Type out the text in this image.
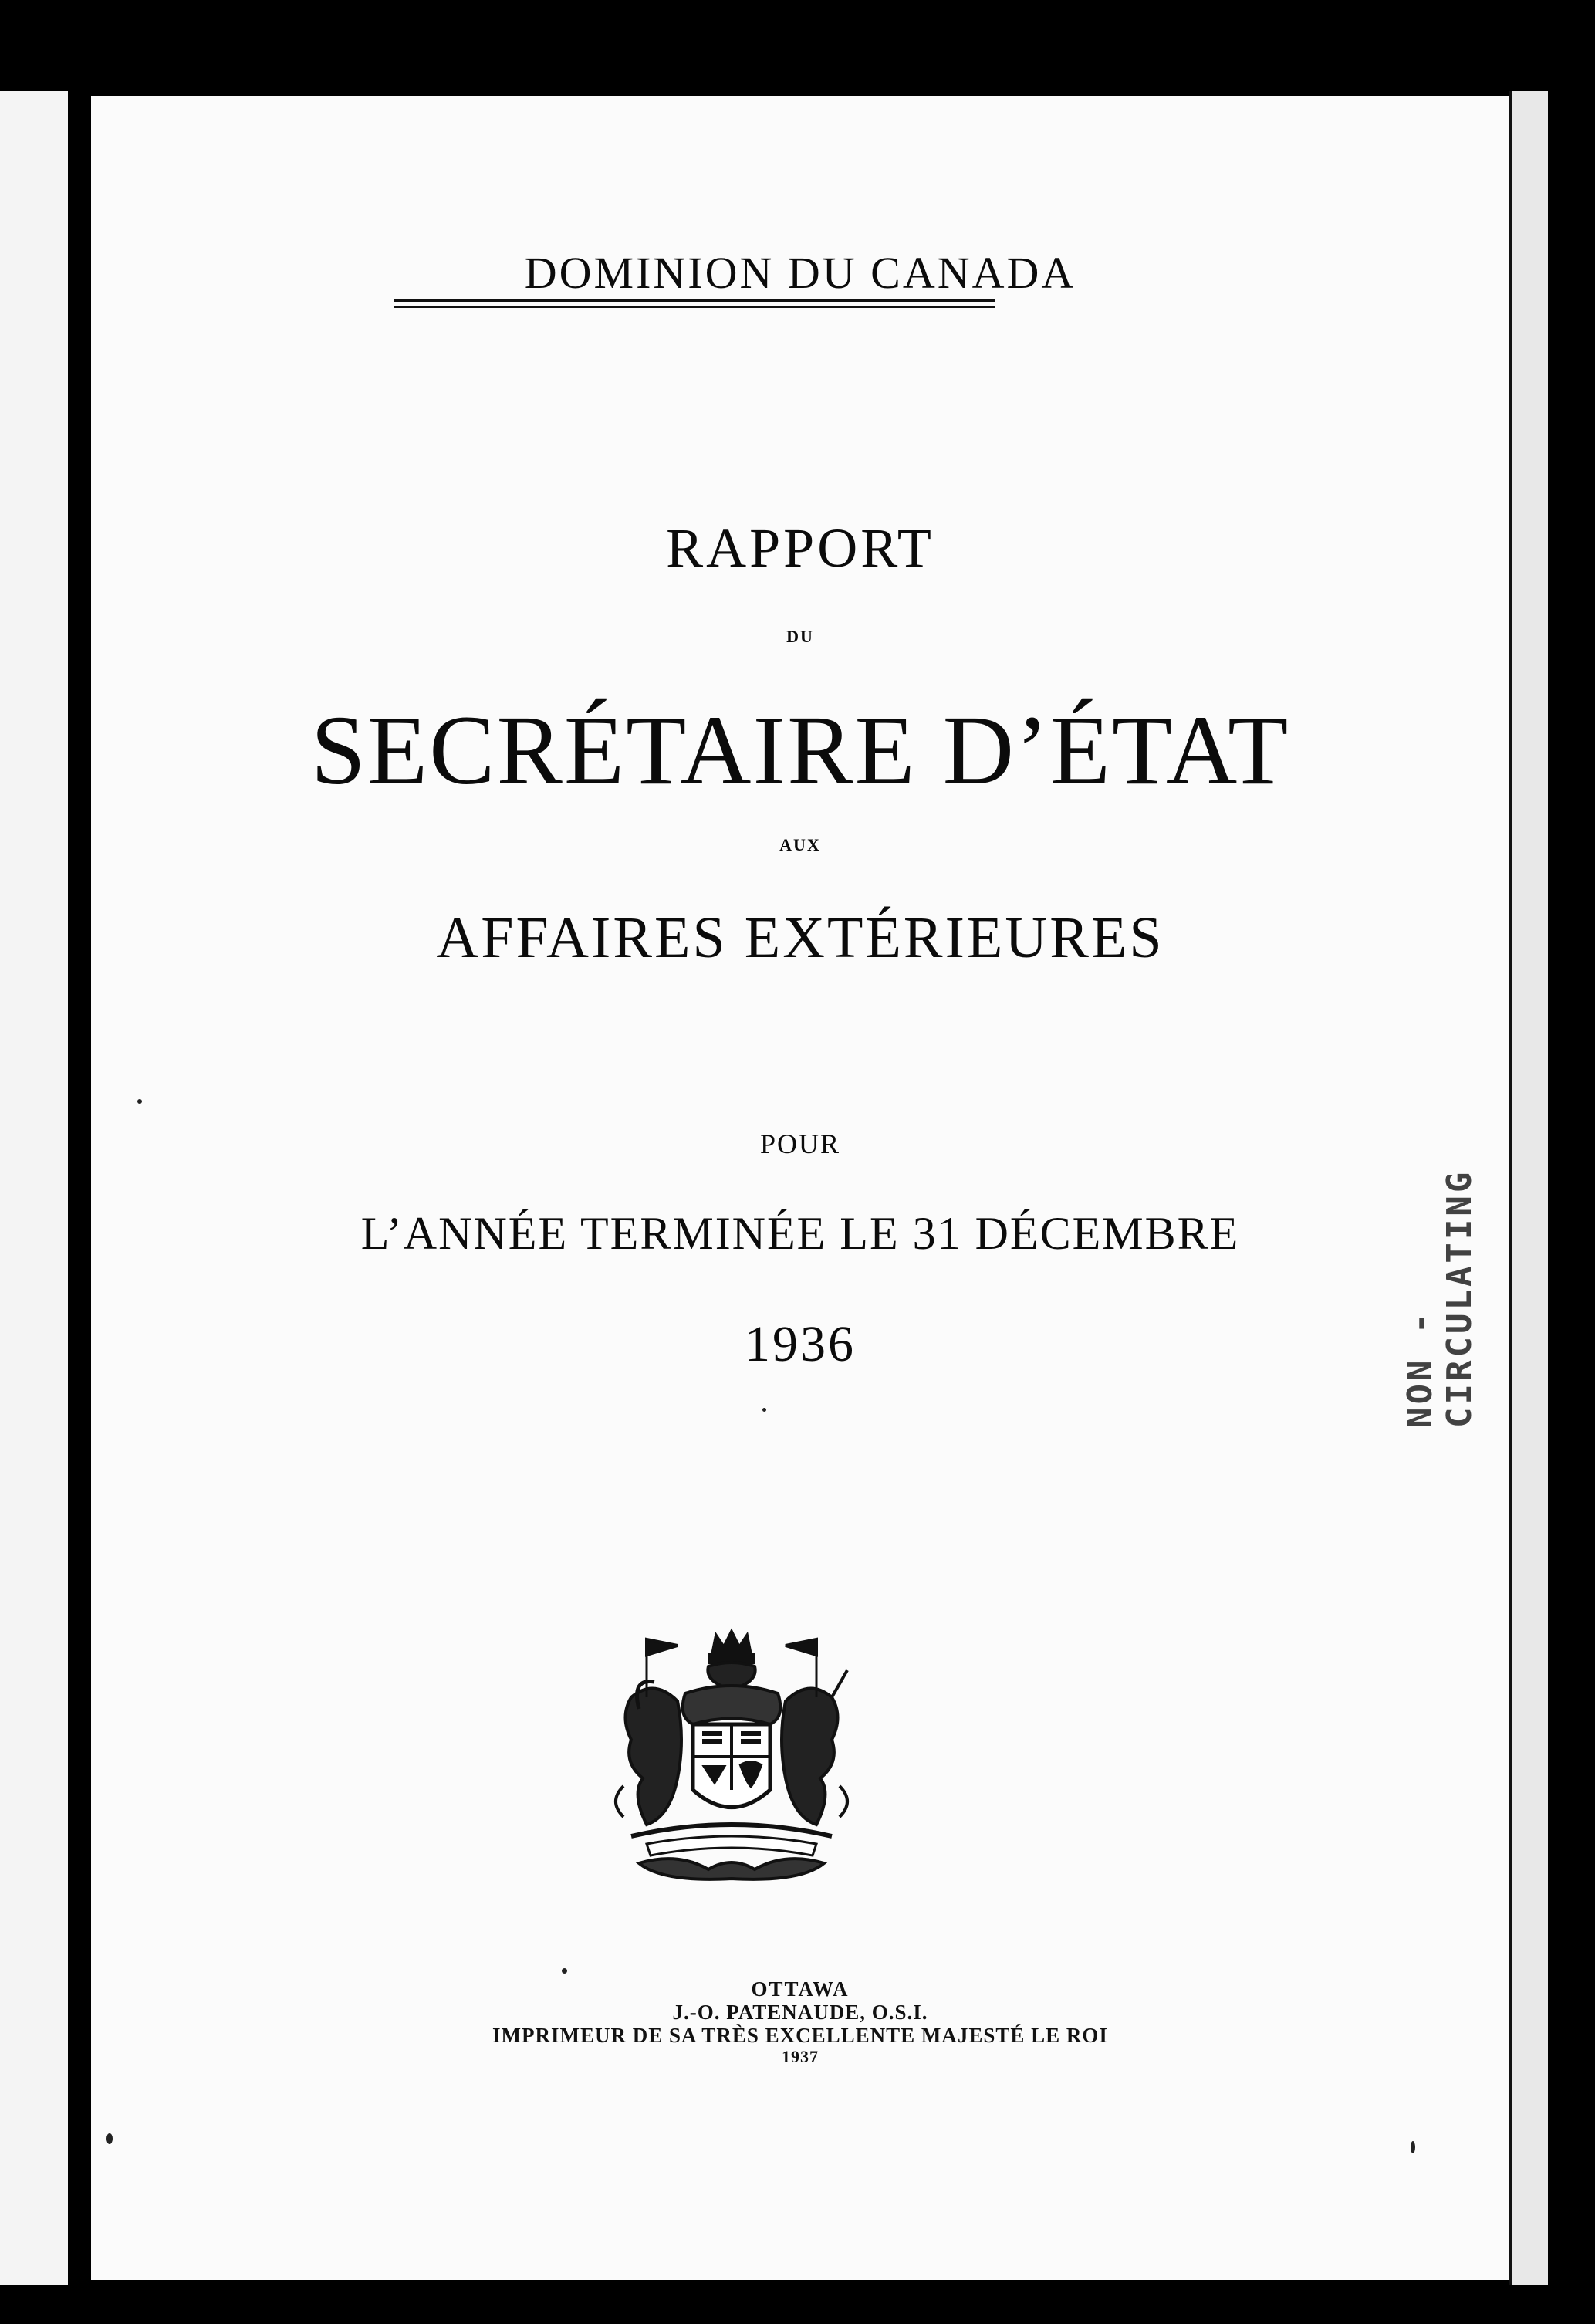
DOMINION DU CANADA
RAPPORT
DU
SECRÉTAIRE D’ÉTAT
AUX
AFFAIRES EXTÉRIEURES
POUR
L’ANNÉE TERMINÉE LE 31 DÉCEMBRE
1936
OTTAWA
J.-O. PATENAUDE, O.S.I.
IMPRIMEUR DE SA TRÈS EXCELLENTE MAJESTÉ LE ROI
1937
NON - CIRCULATING
